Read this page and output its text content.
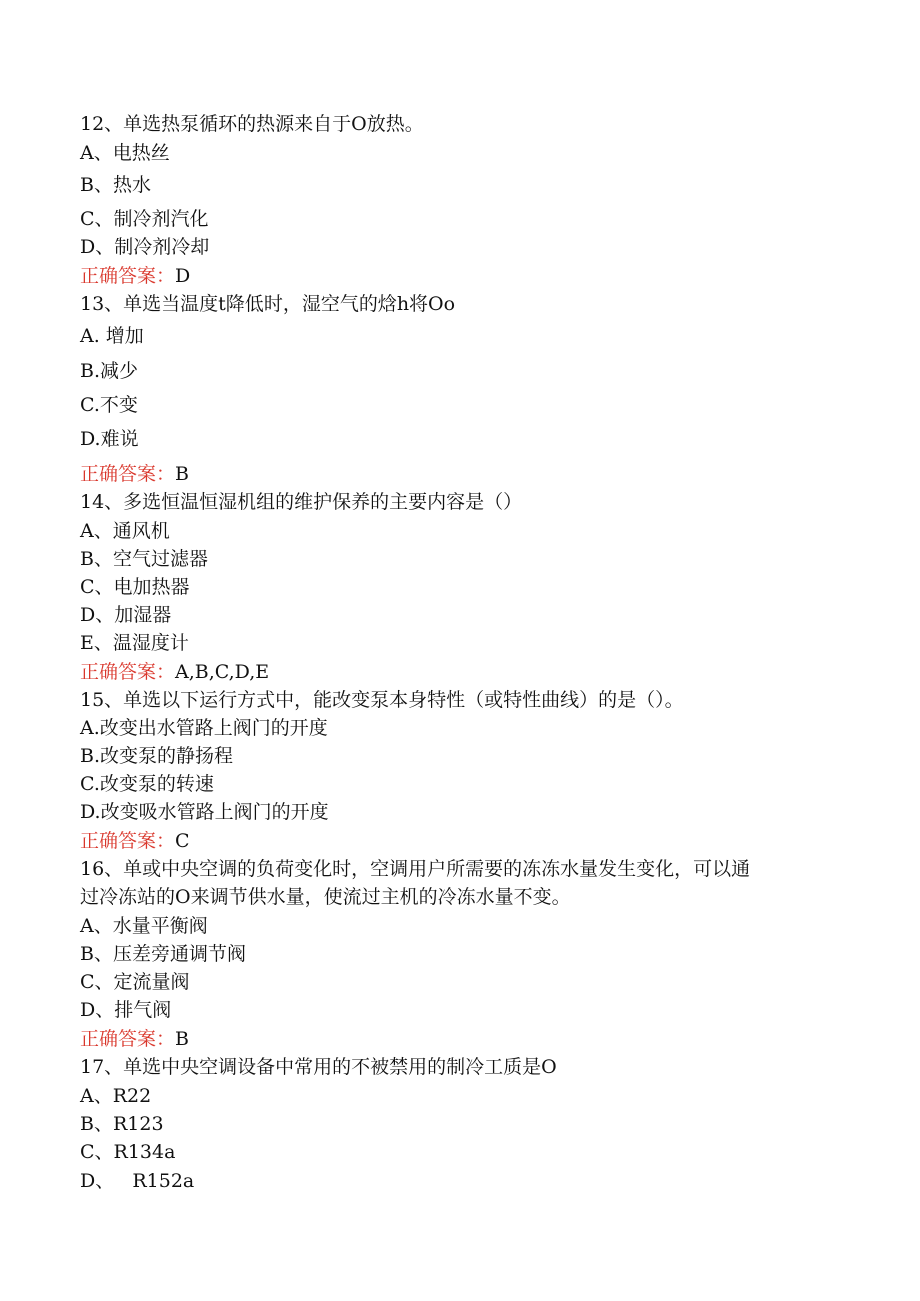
12、单选热泵循环的热源来自于O放热。
A、电热丝
B、热水
C、制冷剂汽化
D、制冷剂冷却
正确答案：D
13、单选当温度t降低时，湿空气的焓h将Oo
A. 增加
B.减少
C.不变
D.难说
正确答案：B
14、多选恒温恒湿机组的维护保养的主要内容是（）
A、通风机
B、空气过滤器
C、电加热器
D、加湿器
E、温湿度计
正确答案：A,B,C,D,E
15、单选以下运行方式中，能改变泵本身特性（或特性曲线）的是（）。
A.改变出水管路上阀门的开度
B.改变泵的静扬程
C.改变泵的转速
D.改变吸水管路上阀门的开度
正确答案：C
16、单或中央空调的负荷变化时，空调用户所需要的冻冻水量发生变化，可以通
过冷冻站的O来调节供水量，使流过主机的冷冻水量不变。
A、水量平衡阀
B、压差旁通调节阀
C、定流量阀
D、排气阀
正确答案：B
17、单选中央空调设备中常用的不被禁用的制冷工质是O
A、R22
B、R123
C、R134a
D、   R152a
